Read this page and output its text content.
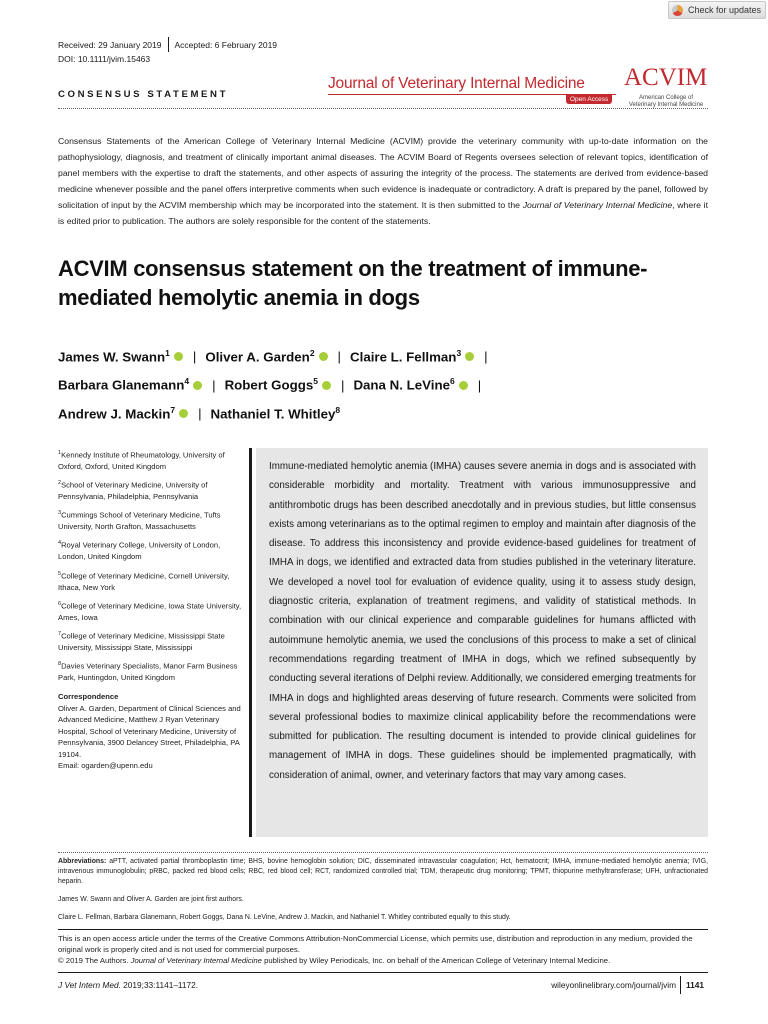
Check for updates
Received: 29 January 2019 Accepted: 6 February 2019
DOI: 10.1111/jvim.15463
CONSENSUS STATEMENT
Journal of Veterinary Internal Medicine
Open Access
ACVIM
American College of Veterinary Internal Medicine
Consensus Statements of the American College of Veterinary Internal Medicine (ACVIM) provide the veterinary community with up-to-date information on the pathophysiology, diagnosis, and treatment of clinically important animal diseases. The ACVIM Board of Regents oversees selection of relevant topics, identification of panel members with the expertise to draft the statements, and other aspects of assuring the integrity of the process. The statements are derived from evidence-based medicine whenever possible and the panel offers interpretive comments when such evidence is inadequate or contradictory. A draft is prepared by the panel, followed by solicitation of input by the ACVIM membership which may be incorporated into the statement. It is then submitted to the Journal of Veterinary Internal Medicine, where it is edited prior to publication. The authors are solely responsible for the content of the statements.
ACVIM consensus statement on the treatment of immune-mediated hemolytic anemia in dogs
James W. Swann$^1$ iD | Oliver A. Garden$^2$ iD | Claire L. Fellman$^3$ iD |
Barbara Glanemann$^4$ iD | Robert Goggs$^5$ iD | Dana N. LeVine$^6$ iD |
Andrew J. Mackin$^7$ iD | Nathaniel T. Whitley$^8$

$^1$Kennedy Institute of Rheumatology, University of Oxford, Oxford, United Kingdom

$^2$School of Veterinary Medicine, University of Pennsylvania, Philadelphia, Pennsylvania

$^3$Cummings School of Veterinary Medicine, Tufts University, North Grafton, Massachusetts

$^4$Royal Veterinary College, University of London, London, United Kingdom

$^5$College of Veterinary Medicine, Cornell University, Ithaca, New York

$^6$College of Veterinary Medicine, Iowa State University, Ames, Iowa

$^7$College of Veterinary Medicine, Mississippi State University, Mississippi State, Mississippi

$^8$Davies Veterinary Specialists, Manor Farm Business Park, Huntingdon, United Kingdom

Correspondence
Oliver A. Garden, Department of Clinical Sciences and Advanced Medicine, Matthew J Ryan Veterinary Hospital, School of Veterinary Medicine, University of Pennsylvania, 3900 Delancey Street, Philadelphia, PA 19104.
Email: ogarden@upenn.edu
Immune-mediated hemolytic anemia (IMHA) causes severe anemia in dogs and is associated with considerable morbidity and mortality. Treatment with various immunosuppressive and antithrombotic drugs has been described anecdotally and in previous studies, but little consensus exists among veterinarians as to the optimal regimen to employ and maintain after diagnosis of the disease. To address this inconsistency and provide evidence-based guidelines for treatment of IMHA in dogs, we identified and extracted data from studies published in the veterinary literature. We developed a novel tool for evaluation of evidence quality, using it to assess study design, diagnostic criteria, explanation of treatment regimens, and validity of statistical methods. In combination with our clinical experience and comparable guidelines for humans afflicted with autoimmune hemolytic anemia, we used the conclusions of this process to make a set of clinical recommendations regarding treatment of IMHA in dogs, which we refined subsequently by conducting several iterations of Delphi review. Additionally, we considered emerging treatments for IMHA in dogs and highlighted areas deserving of future research. Comments were solicited from several professional bodies to maximize clinical applicability before the recommendations were submitted for publication. The resulting document is intended to provide clinical guidelines for management of IMHA in dogs. These guidelines should be implemented pragmatically, with consideration of animal, owner, and veterinary factors that may vary among cases.
Abbreviations: aPTT, activated partial thromboplastin time; BHS, bovine hemoglobin solution; DIC, disseminated intravascular coagulation; Hct, hematocrit; IMHA, immune-mediated hemolytic anemia; IVIG, intravenous immunoglobulin; pRBC, packed red blood cells; RBC, red blood cell; RCT, randomized controlled trial; TDM, therapeutic drug monitoring; TPMT, thiopurine methyltransferase; UFH, unfractionated heparin.
James W. Swann and Oliver A. Garden are joint first authors.
Claire L. Fellman, Barbara Glanemann, Robert Goggs, Dana N. LeVine, Andrew J. Mackin, and Nathaniel T. Whitley contributed equally to this study.
This is an open access article under the terms of the Creative Commons Attribution-NonCommercial License, which permits use, distribution and reproduction in any medium, provided the original work is properly cited and is not used for commercial purposes.
© 2019 The Authors. Journal of Veterinary Internal Medicine published by Wiley Periodicals, Inc. on behalf of the American College of Veterinary Internal Medicine.
J Vet Intern Med. 2019;33:1141–1172.	wileyonlinelibrary.com/journal/jvim 1141
